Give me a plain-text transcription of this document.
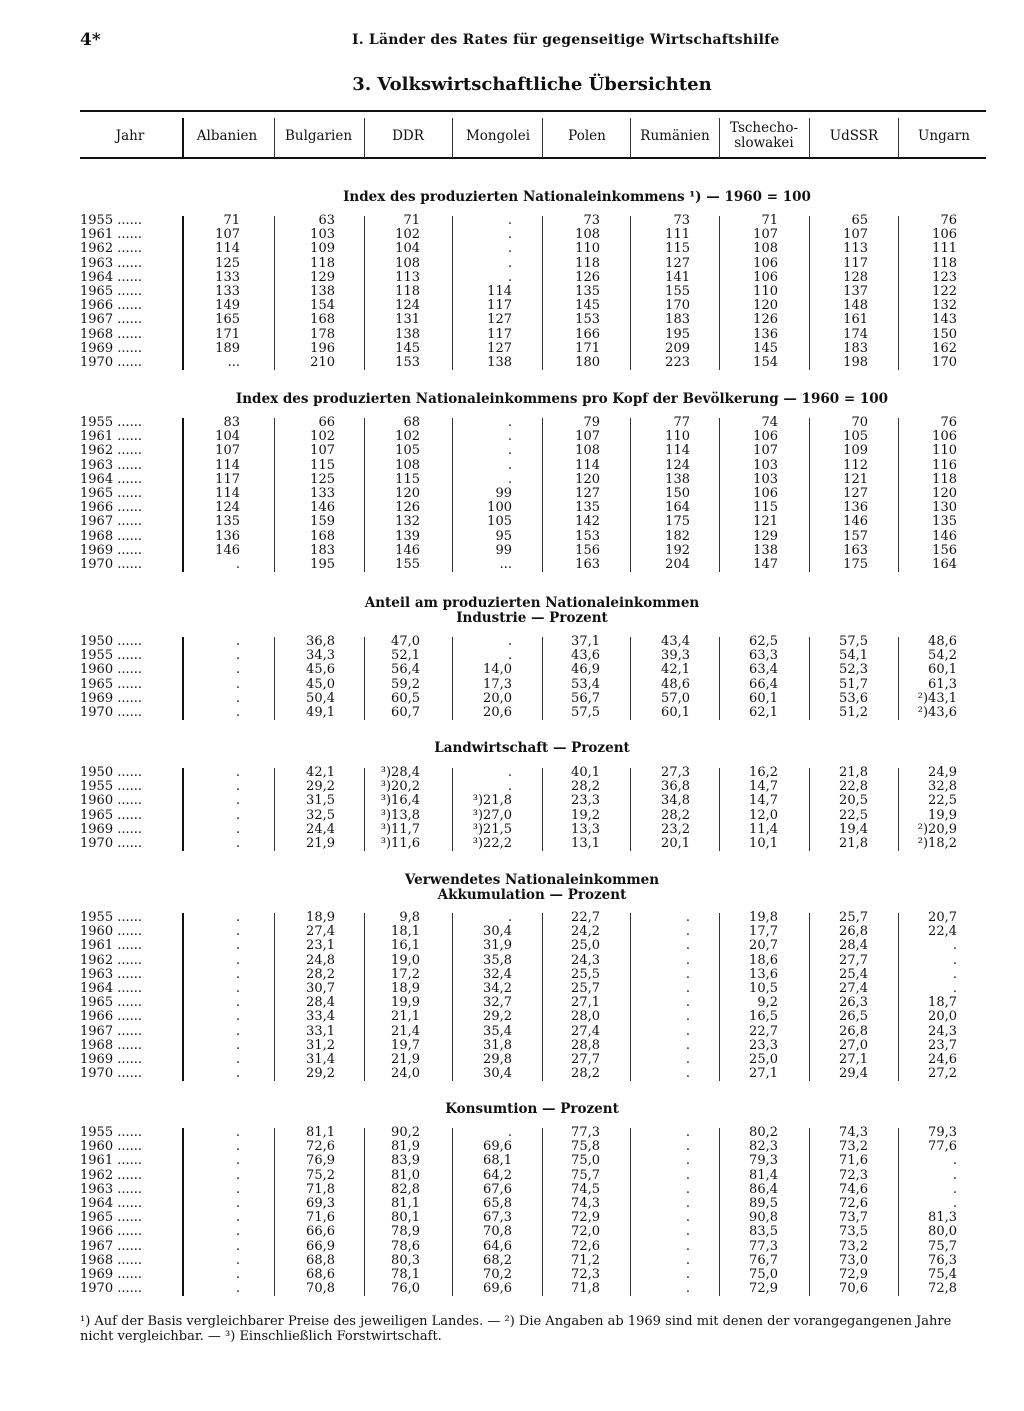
4*	I. Länder des Rates für gegenseitige Wirtschaftshilfe
3. Volkswirtschaftliche Übersichten
Jahr	Albanien	Bulgarien	DDR	Mongolei	Polen	Rumänien	Tschecho-
slowakei	UdSSR	Ungarn
Index des produzierten Nationaleinkommens ¹) — 1960 = 100
1955 ......	71	63	71	.	73	73	71	65	76
1961 ......	107	103	102	.	108	111	107	107	106
1962 ......	114	109	104	.	110	115	108	113	111
1963 ......	125	118	108	.	118	127	106	117	118
1964 ......	133	129	113	.	126	141	106	128	123
1965 ......	133	138	118	114	135	155	110	137	122
1966 ......	149	154	124	117	145	170	120	148	132
1967 ......	165	168	131	127	153	183	126	161	143
1968 ......	171	178	138	117	166	195	136	174	150
1969 ......	189	196	145	127	171	209	145	183	162
1970 ......	...	210	153	138	180	223	154	198	170
Index des produzierten Nationaleinkommens pro Kopf der Bevölkerung — 1960 = 100
1955 ......	83	66	68	.	79	77	74	70	76
1961 ......	104	102	102	.	107	110	106	105	106
1962 ......	107	107	105	.	108	114	107	109	110
1963 ......	114	115	108	.	114	124	103	112	116
1964 ......	117	125	115	.	120	138	103	121	118
1965 ......	114	133	120	99	127	150	106	127	120
1966 ......	124	146	126	100	135	164	115	136	130
1967 ......	135	159	132	105	142	175	121	146	135
1968 ......	136	168	139	95	153	182	129	157	146
1969 ......	146	183	146	99	156	192	138	163	156
1970 ......	.	195	155	...	163	204	147	175	164
Anteil am produzierten Nationaleinkommen
Industrie — Prozent
1950 ......	.	36,8	47,0	.	37,1	43,4	62,5	57,5	48,6
1955 ......	.	34,3	52,1	.	43,6	39,3	63,3	54,1	54,2
1960 ......	.	45,6	56,4	14,0	46,9	42,1	63,4	52,3	60,1
1965 ......	.	45,0	59,2	17,3	53,4	48,6	66,4	51,7	61,3
1969 ......	.	50,4	60,5	20,0	56,7	57,0	60,1	53,6	²)43,1
1970 ......	.	49,1	60,7	20,6	57,5	60,1	62,1	51,2	²)43,6
Landwirtschaft — Prozent
1950 ......	.	42,1	³)28,4	.	40,1	27,3	16,2	21,8	24,9
1955 ......	.	29,2	³)20,2	.	28,2	36,8	14,7	22,8	32,8
1960 ......	.	31,5	³)16,4	³)21,8	23,3	34,8	14,7	20,5	22,5
1965 ......	.	32,5	³)13,8	³)27,0	19,2	28,2	12,0	22,5	19,9
1969 ......	.	24,4	³)11,7	³)21,5	13,3	23,2	11,4	19,4	²)20,9
1970 ......	.	21,9	³)11,6	³)22,2	13,1	20,1	10,1	21,8	²)18,2
Verwendetes Nationaleinkommen
Akkumulation — Prozent
1955 ......	.	18,9	9,8	.	22,7	.	19,8	25,7	20,7
1960 ......	.	27,4	18,1	30,4	24,2	.	17,7	26,8	22,4
1961 ......	.	23,1	16,1	31,9	25,0	.	20,7	28,4	.
1962 ......	.	24,8	19,0	35,8	24,3	.	18,6	27,7	.
1963 ......	.	28,2	17,2	32,4	25,5	.	13,6	25,4	.
1964 ......	.	30,7	18,9	34,2	25,7	.	10,5	27,4	.
1965 ......	.	28,4	19,9	32,7	27,1	.	9,2	26,3	18,7
1966 ......	.	33,4	21,1	29,2	28,0	.	16,5	26,5	20,0
1967 ......	.	33,1	21,4	35,4	27,4	.	22,7	26,8	24,3
1968 ......	.	31,2	19,7	31,8	28,8	.	23,3	27,0	23,7
1969 ......	.	31,4	21,9	29,8	27,7	.	25,0	27,1	24,6
1970 ......	.	29,2	24,0	30,4	28,2	.	27,1	29,4	27,2
Konsumtion — Prozent
1955 ......	.	81,1	90,2	.	77,3	.	80,2	74,3	79,3
1960 ......	.	72,6	81,9	69,6	75,8	.	82,3	73,2	77,6
1961 ......	.	76,9	83,9	68,1	75,0	.	79,3	71,6	.
1962 ......	.	75,2	81,0	64,2	75,7	.	81,4	72,3	.
1963 ......	.	71,8	82,8	67,6	74,5	.	86,4	74,6	.
1964 ......	.	69,3	81,1	65,8	74,3	.	89,5	72,6	.
1965 ......	.	71,6	80,1	67,3	72,9	.	90,8	73,7	81,3
1966 ......	.	66,6	78,9	70,8	72,0	.	83,5	73,5	80,0
1967 ......	.	66,9	78,6	64,6	72,6	.	77,3	73,2	75,7
1968 ......	.	68,8	80,3	68,2	71,2	.	76,7	73,0	76,3
1969 ......	.	68,6	78,1	70,2	72,3	.	75,0	72,9	75,4
1970 ......	.	70,8	76,0	69,6	71,8	.	72,9	70,6	72,8
¹) Auf der Basis vergleichbarer Preise des jeweiligen Landes. — ²) Die Angaben ab 1969 sind mit denen der vorangegangenen Jahre
nicht vergleichbar. — ³) Einschließlich Forstwirtschaft.
